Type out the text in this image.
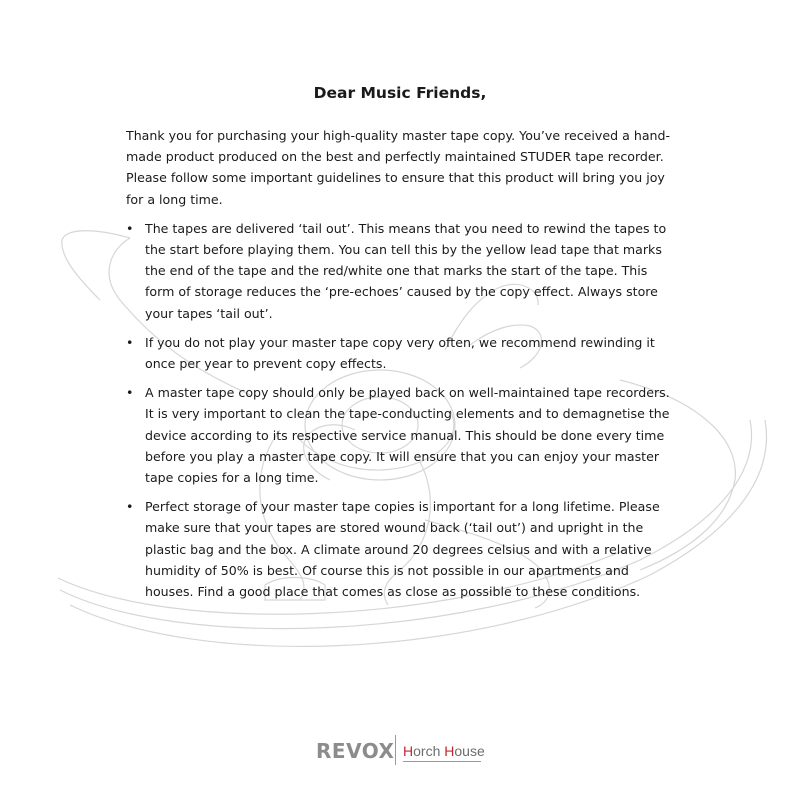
Dear Music Friends,

Thank you for purchasing your high-quality master tape copy. You’ve received a hand-made product produced on the best and perfectly maintained STUDER tape recorder.

Please follow some important guidelines to ensure that this product will bring you joy for a long time.

• The tapes are delivered ‘tail out’. This means that you need to rewind the tapes to the start before playing them. You can tell this by the yellow lead tape that marks the end of the tape and the red/white one that marks the start of the tape. This form of storage reduces the ‘pre-echoes’ caused by the copy effect. Always store your tapes ‘tail out’.
• If you do not play your master tape copy very often, we recommend rewinding it once per year to prevent copy effects.
• A master tape copy should only be played back on well-maintained tape recorders. It is very important to clean the tape-conducting elements and to demagnetise the device according to its respective service manual. This should be done every time before you play a master tape copy. It will ensure that you can enjoy your master tape copies for a long time.
• Perfect storage of your master tape copies is important for a long lifetime. Please make sure that your tapes are stored wound back (‘tail out’) and upright in the plastic bag and the box. A climate around 20 degrees celsius and with a relative humidity of 50% is best. Of course this is not possible in our apartments and houses. Find a good place that comes as close as possible to these conditions.
REVOX Horch House
